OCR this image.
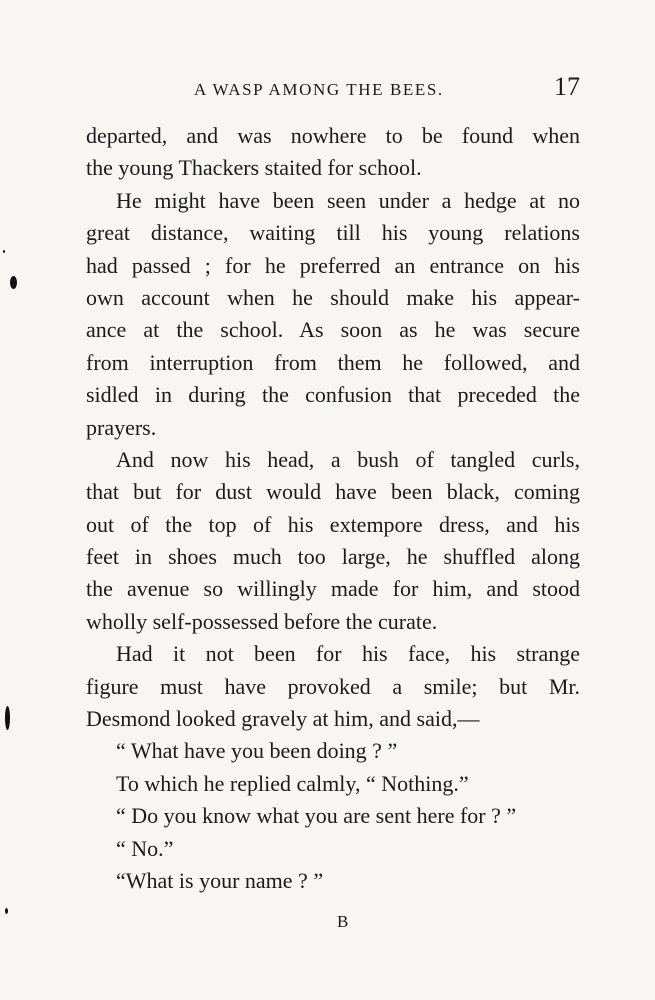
A WASP AMONG THE BEES.	17
departed, and was nowhere to be found when
the young Thackers staited for school.
He might have been seen under a hedge at no
great distance, waiting till his young relations
had passed ; for he preferred an entrance on his
own account when he should make his appear-
ance at the school. As soon as he was secure
from interruption from them he followed, and
sidled in during the confusion that preceded the
prayers.
And now his head, a bush of tangled curls,
that but for dust would have been black, coming
out of the top of his extempore dress, and his
feet in shoes much too large, he shuffled along
the avenue so willingly made for him, and stood
wholly self-possessed before the curate.
Had it not been for his face, his strange
figure must have provoked a smile; but Mr.
Desmond looked gravely at him, and said,—
“ What have you been doing ? ”
To which he replied calmly, “ Nothing.”
“ Do you know what you are sent here for ? ”
“ No.”
“What is your name ? ”
B
